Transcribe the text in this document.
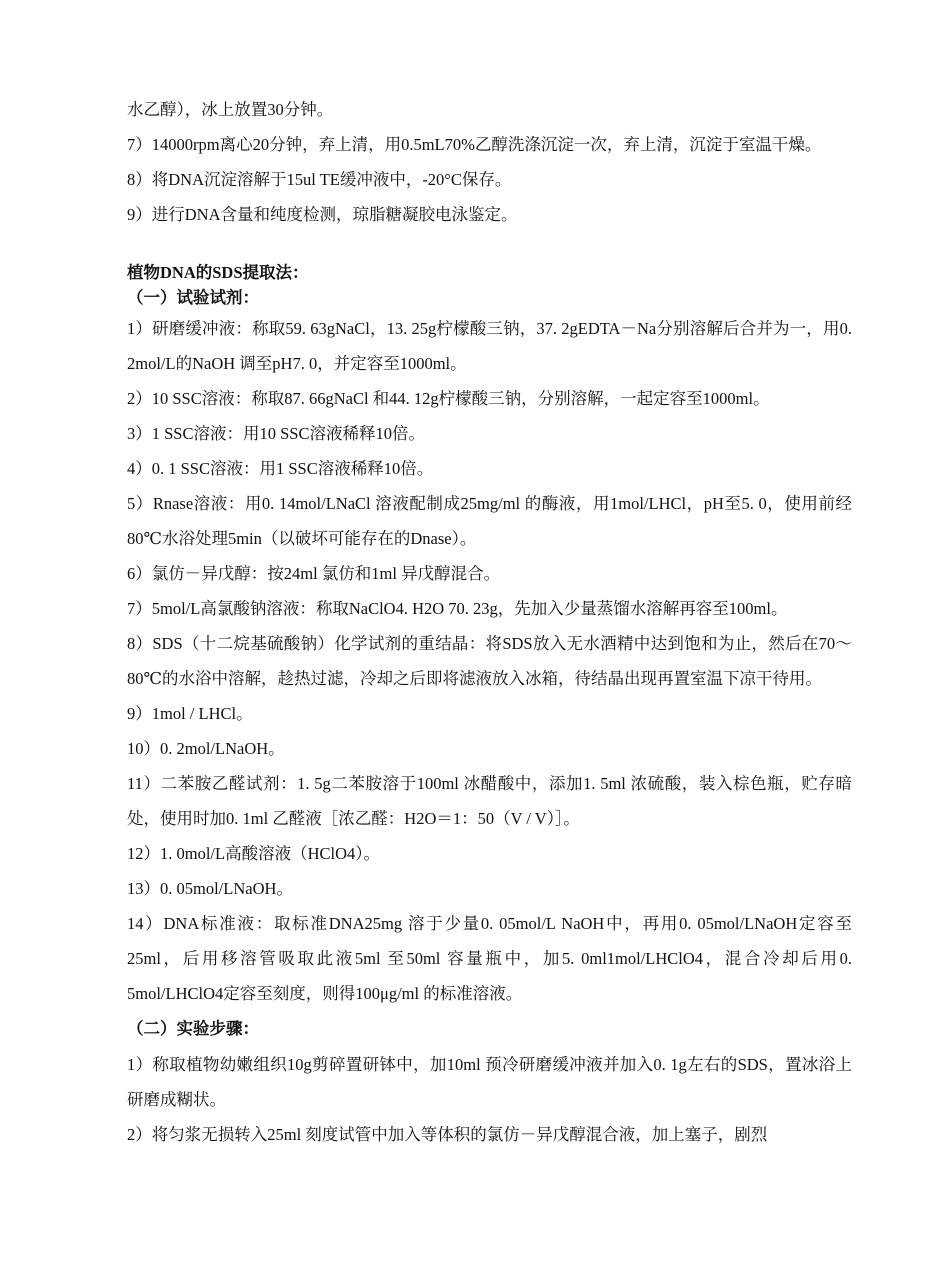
水乙醇），冰上放置30分钟。

7）14000rpm离心20分钟，弃上清，用0.5mL70%乙醇洗涤沉淀一次，弃上清，沉淀于室温干燥。

8）将DNA沉淀溶解于15ul TE缓冲液中，-20°C保存。

9）进行DNA含量和纯度检测，琼脂糖凝胶电泳鉴定。

植物DNA的SDS提取法：

（一）试验试剂：

1）研磨缓冲液：称取59. 63gNaCl，13. 25g柠檬酸三钠，37. 2gEDTA－Na分别溶解后合并为一，用0. 2mol/L的NaOH 调至pH7. 0，并定容至1000ml。

2）10 SSC溶液：称取87. 66gNaCl 和44. 12g柠檬酸三钠，分别溶解，一起定容至1000ml。

3）1 SSC溶液：用10 SSC溶液稀释10倍。

4）0. 1 SSC溶液：用1 SSC溶液稀释10倍。

5）Rnase溶液：用0. 14mol/LNaCl 溶液配制成25mg/ml 的酶液，用1mol/LHCl，pH至5. 0，使用前经80℃水浴处理5min（以破坏可能存在的Dnase）。

6）氯仿－异戊醇：按24ml 氯仿和1ml 异戊醇混合。

7）5mol/L高氯酸钠溶液：称取NaClO4. H2O 70. 23g，先加入少量蒸馏水溶解再容至100ml。

8）SDS（十二烷基硫酸钠）化学试剂的重结晶：将SDS放入无水酒精中达到饱和为止，然后在70～80℃的水浴中溶解，趁热过滤，冷却之后即将滤液放入冰箱，待结晶出现再置室温下凉干待用。

9）1mol / LHCl。

10）0. 2mol/LNaOH。

11）二苯胺乙醛试剂：1. 5g二苯胺溶于100ml 冰醋酸中，添加1. 5ml 浓硫酸，装入棕色瓶，贮存暗处，使用时加0. 1ml 乙醛液［浓乙醛：H2O＝1：50（V / V）］。

12）1. 0mol/L高酸溶液（HClO4）。

13）0. 05mol/LNaOH。

14）DNA标准液：取标准DNA25mg 溶于少量0. 05mol/L NaOH中，再用0. 05mol/LNaOH定容至25ml，后用移溶管吸取此液5ml 至50ml 容量瓶中，加5. 0ml1mol/LHClO4，混合冷却后用0. 5mol/LHClO4定容至刻度，则得100μg/ml 的标准溶液。

（二）实验步骤：

1）称取植物幼嫩组织10g剪碎置研钵中，加10ml 预冷研磨缓冲液并加入0. 1g左右的SDS，置冰浴上研磨成糊状。

2）将匀浆无损转入25ml 刻度试管中加入等体积的氯仿－异戊醇混合液，加上塞子，剧烈
